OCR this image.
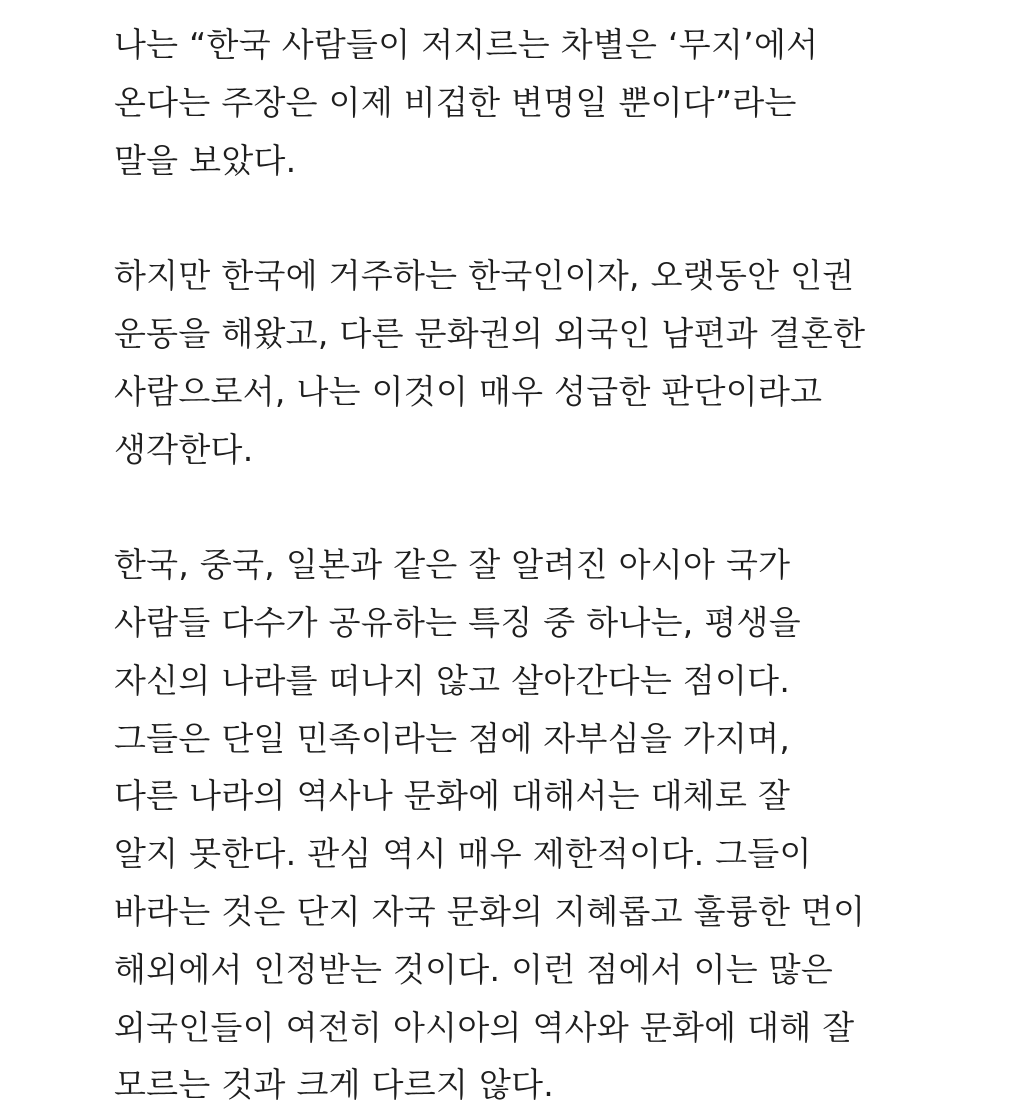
나는 “한국 사람들이 저지르는 차별은 ‘무지’에서
온다는 주장은 이제 비겁한 변명일 뿐이다”라는
말을 보았다.

하지만 한국에 거주하는 한국인이자, 오랫동안 인권
운동을 해왔고, 다른 문화권의 외국인 남편과 결혼한
사람으로서, 나는 이것이 매우 성급한 판단이라고
생각한다.

한국, 중국, 일본과 같은 잘 알려진 아시아 국가
사람들 다수가 공유하는 특징 중 하나는, 평생을
자신의 나라를 떠나지 않고 살아간다는 점이다.
그들은 단일 민족이라는 점에 자부심을 가지며,
다른 나라의 역사나 문화에 대해서는 대체로 잘
알지 못한다. 관심 역시 매우 제한적이다. 그들이
바라는 것은 단지 자국 문화의 지혜롭고 훌륭한 면이
해외에서 인정받는 것이다. 이런 점에서 이는 많은
외국인들이 여전히 아시아의 역사와 문화에 대해 잘
모르는 것과 크게 다르지 않다.
